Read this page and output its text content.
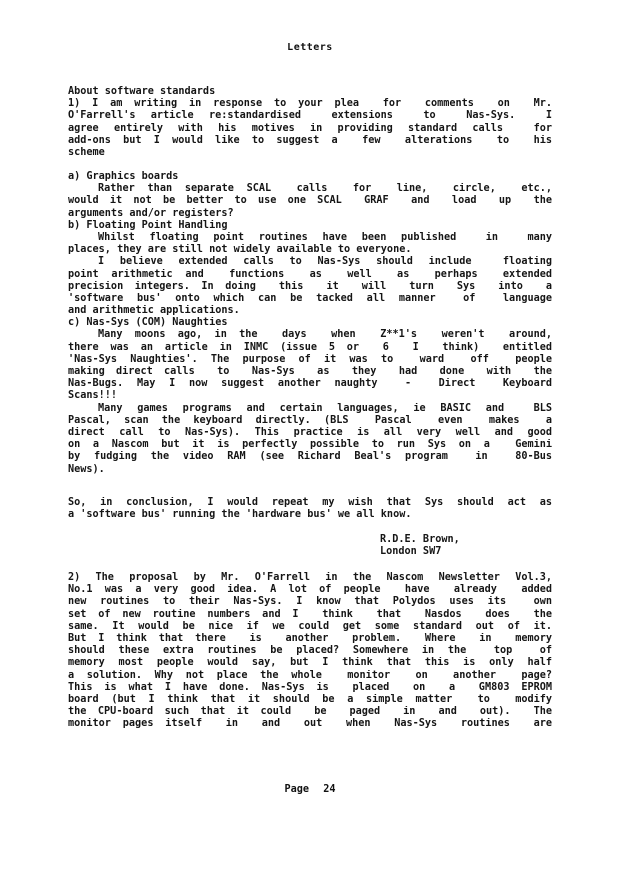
Letters
About software standards
1) I am writing in response to your plea  for  comments  on  Mr.
O'Farrell's article re:standardised  extensions  to  Nas-Sys.  I
agree entirely with his motives in providing standard calls  for
add-ons but I would like to suggest a  few  alterations  to  his
scheme
a) Graphics boards
Rather than separate SCAL  calls  for  line,  circle,  etc.,
would it not be better to use one SCAL  GRAF  and  load  up  the
arguments and/or registers?
b) Floating Point Handling
Whilst floating point routines have been published  in  many
places, they are still not widely available to everyone.
I believe extended calls to Nas-Sys should include  floating
point arithmetic and  functions  as  well  as  perhaps  extended
precision integers. In doing  this  it  will  turn  Sys  into  a
'software bus' onto which can be tacked all manner  of  language
and arithmetic applications.
c) Nas-Sys (COM) Naughties
Many moons ago, in the  days  when  Z**1's  weren't  around,
there was an article in INMC (issue 5 or  6  I  think)  entitled
'Nas-Sys Naughties'. The purpose of it was to  ward  off  people
making direct calls  to  Nas-Sys  as  they  had  done  with  the
Nas-Bugs. May I now suggest another naughty  -  Direct  Keyboard
Scans!!!
Many games programs and certain languages, ie BASIC and  BLS
Pascal, scan the keyboard directly. (BLS  Pascal  even  makes  a
direct call to Nas-Sys). This practice is all very well and good
on a Nascom but it is perfectly possible to run Sys on a  Gemini
by fudging the video RAM (see Richard Beal's program  in  80-Bus
News).
So, in conclusion, I would repeat my wish that Sys should act as
a 'software bus' running the 'hardware bus' we all know.
R.D.E. Brown,
London SW7
2) The proposal by Mr. O'Farrell in the Nascom Newsletter Vol.3,
No.1 was a very good idea. A lot of people  have  already  added
new routines to their Nas-Sys. I know that Polydos uses its  own
set of new routine numbers and I  think  that  Nasdos  does  the
same. It would be nice if we could get some standard out of it.
But I think that there  is  another  problem.  Where  in  memory
should these extra routines be placed? Somewhere in the  top  of
memory most people would say, but I think that this is only half
a solution. Why not place the whole  monitor  on  another  page?
This is what I have done. Nas-Sys is  placed  on  a  GM803 EPROM
board (but I think that it should be a simple matter  to  modify
the CPU-board such that it could  be  paged  in  and  out).  The
monitor pages itself  in  and  out  when  Nas-Sys  routines  are
Page 24
